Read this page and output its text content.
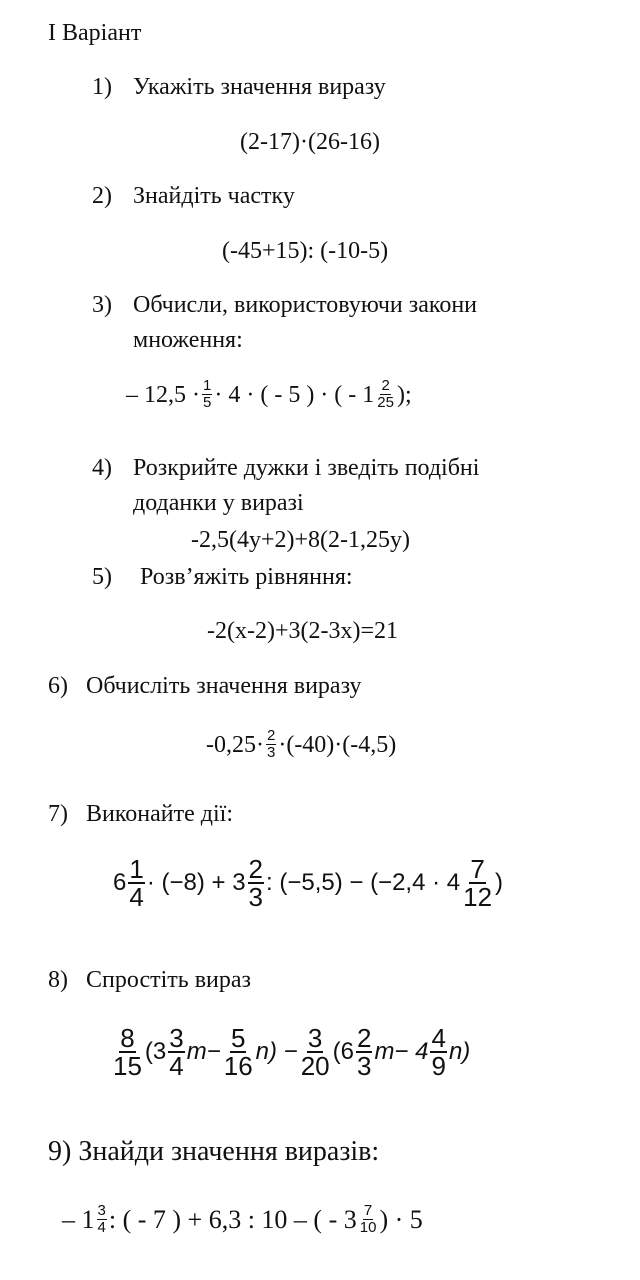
І Варіант
1) Укажіть значення виразу
(2-17)·(26-16)
2) Знайдіть частку
(-45+15): (-10-5)
3) Обчисли, використовуючи закони
множення:
– $12,5 \cdot \frac{1}{5} \cdot 4$ · ( - 5 ) · ( - $1 \frac{2}{25}$ );
4) Розкрийте дужки і зведіть подібні
доданки у виразі
-2,5(4y+2)+8(2-1,25y)
5) Розв’яжіть рівняння:
-2(x-2)+3(2-3x)=21
6) Обчисліть значення виразу
$-0,25\cdot \frac{2}{3} \cdot(-40)\cdot(-4,5)$
7) Виконайте дії:
$6 \frac{1}{4} \cdot (-8) + 3 \frac{2}{3}$ : $(-5,5) - (-2,4 \cdot 4 \frac{7}{12}$ )
8) Спростіть вираз
$\frac{8}{15} (3 \frac{3}{4} m- \frac{5}{16} n) - \frac{3}{20} (6 \frac{2}{3} m- 4 \frac{4}{9} n)$
9) Знайди значення виразів:
– $1 \frac{3}{4}$ : ( - 7 ) + 6,3 : 10 – ( - $3 \frac{7}{10}$ ) · 5
